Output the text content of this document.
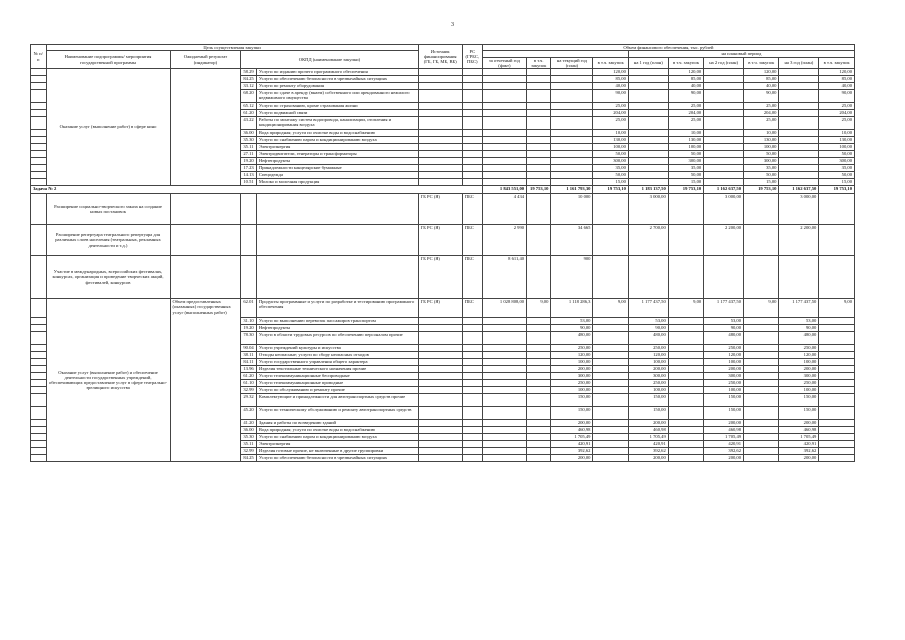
3
№ п/п	Цель осуществления закупки				Источник финансирования (ГБ, ГБ, МБ, ВБ)	РС (ГРБС, ПБС)	Объем финансового обеспечения, тыс. рублей									
	Наименование подпрограммы/ мероприятия государственной программы	Ожидаемый результат (индикатор)	ОКПД (наименование закупки)								на плановый период					
							за отчетный год (факт)	в т.ч. закупок	на текущий год (план)	в т.ч. закупок	на 1 год (план)	в т.ч. закупок	на 2 год (план)	в т.ч. закупок	на 3 год (план)	в т.ч. закупок
	Оказание услуг (выполнение работ) в сфере кино		58.29	Услуги по изданию прочего программного обеспечения						120,00		120,00		120,00		120,00
			84.25	Услуги по обеспечению безопасности в чрезвычайных ситуациях						85,00		85,00		85,00		85,00
			33.12	Услуги по ремонту оборудования						40,00		40,00		40,00		40,00
			68.20	Услуги по сдаче в аренду (внаем) собственного или арендованного нежилого недвижимого имущества						90,00		90,00		90,00		90,00
			65.12	Услуги по страхованию, кроме страхования жизни						25,00		25,00		25,00		25,00
			61.20	Услуги подвижной связи						204,00		204,00		204,00		204,00
			43.22	Работы по монтажу систем водопровода, канализации, отопления и кондиционирования воздуха						25,00		25,00		25,00		25,00
			36.00	Вода природная; услуги по очистке воды и водоснабжению						10,00		10,00		10,00		10,00
			35.30	Услуги по снабжению паром и кондиционированию воздуха						130,00		130,00		130,00		130,00
			35.11	Электроэнергия						100,00		100,00		100,00		100,00
			27.11	Электродвигатели, генераторы и трансформаторы						50,00		50,00		50,00		50,00
			19.20	Нефтепродукты						300,00		300,00		300,00		300,00
			17.23	Принадлежности канцелярские бумажные						35,00		35,00		35,00		35,00
			14.13	Спецодежда						50,00		50,00		50,00		50,00
			10.51	Молоко и молочная продукция						15,00		15,00		15,00		15,00
Задача № 2							1 843 551,00	19 753,10	1 161 793,30	19 753,10	1 183 137,50	19 753,10	1 162 637,50	19 753,10	1 162 637,50	19 753,10
	Расширение социально-творческого заказа на создание новых постановок				ГБ РС (Я)	ПБС	4 434		10 000		3 000,00		3 000,00		3 000,00	
	Расширение репертуара театрального репертуара для различных слоев населения (театральных, рекламных деятельности и т.д.)				ГБ РС (Я)	ПБС	2 990		34 665		2 700,00		2 200,00		2 200,00	
	Участие в международных, всероссийских фестивалях, конкурсах, организация и проведение творческих акций, фестивалей, конкурсов				ГБ РС (Я)	ПБС	8 611,40		900							
	Оказание услуг (выполнение работ) и обеспечение деятельности государственных учреждений, обеспечивающих предоставление услуг в сфере театрально-зрелищного искусства	Объем предоставленных (оказанных) государственных услуг (выполненных работ)	62.01	Продукты программные и услуги по разработке и тестированию программного обеспечения	ГБ РС (Я)	ПБС	1 028 808,00	9,00	1 118 286,3	9,00	1 177 437,50	9,00	1 177 437,50	9,00	1 177 437,50	9,00
			31.10	Услуги по выполнению перевозок пассажиров транспортом					53,00		53,00		53,00		53,00	
			19.20	Нефтепродукты					90,00		90,00		90,00		90,00	
			78.30	Услуги в области трудовых ресурсов по обеспечению персоналом прочие					480,00		480,00		480,00		480,00	
			90.04	Услуги учреждений культуры и искусства					250,00		250,00		250,00		250,00	
			38.11	Отходы неопасные; услуги по сбору неопасных отходов					120,00		120,00		120,00		120,00	
			84.11	Услуги государственного управления общего характера					100,00		100,00		100,00		100,00	
			13.96	Изделия текстильные технического назначения прочие					200,00		200,00		200,00		200,00	
			61.20	Услуги телекоммуникационные беспроводные					300,00		300,00		300,00		300,00	
			61.10	Услуги телекоммуникационные проводные					250,00		250,00		250,00		250,00	
			32.99	Услуги по обслуживанию и ремонту прочие					100,00		100,00		100,00		100,00	
			29.32	Комплектующие и принадлежности для автотранспортных средств прочие					150,00		150,00		150,00		150,00	
			45.20	Услуги по техническому обслуживанию и ремонту автотранспортных средств					150,00		150,00		150,00		150,00	
			41.20	Здания и работы по возведению зданий					200,00		200,00		200,00		200,00	
			36.00	Вода природная; услуги по очистке воды и водоснабжению					460,98		460,98		460,98		460,98	
			35.30	Услуги по снабжению паром и кондиционированию воздуха					1 705,49		1 705,49		1 705,49		1 705,49	
			35.11	Электроэнергия					420,91		420,91		420,91		420,91	
			32.99	Изделия готовые прочие, не включенные в другие группировки					392,62		392,62		392,62		392,62	
			84.25	Услуги по обеспечению безопасности в чрезвычайных ситуациях					200,00		200,00		200,00		200,00	
